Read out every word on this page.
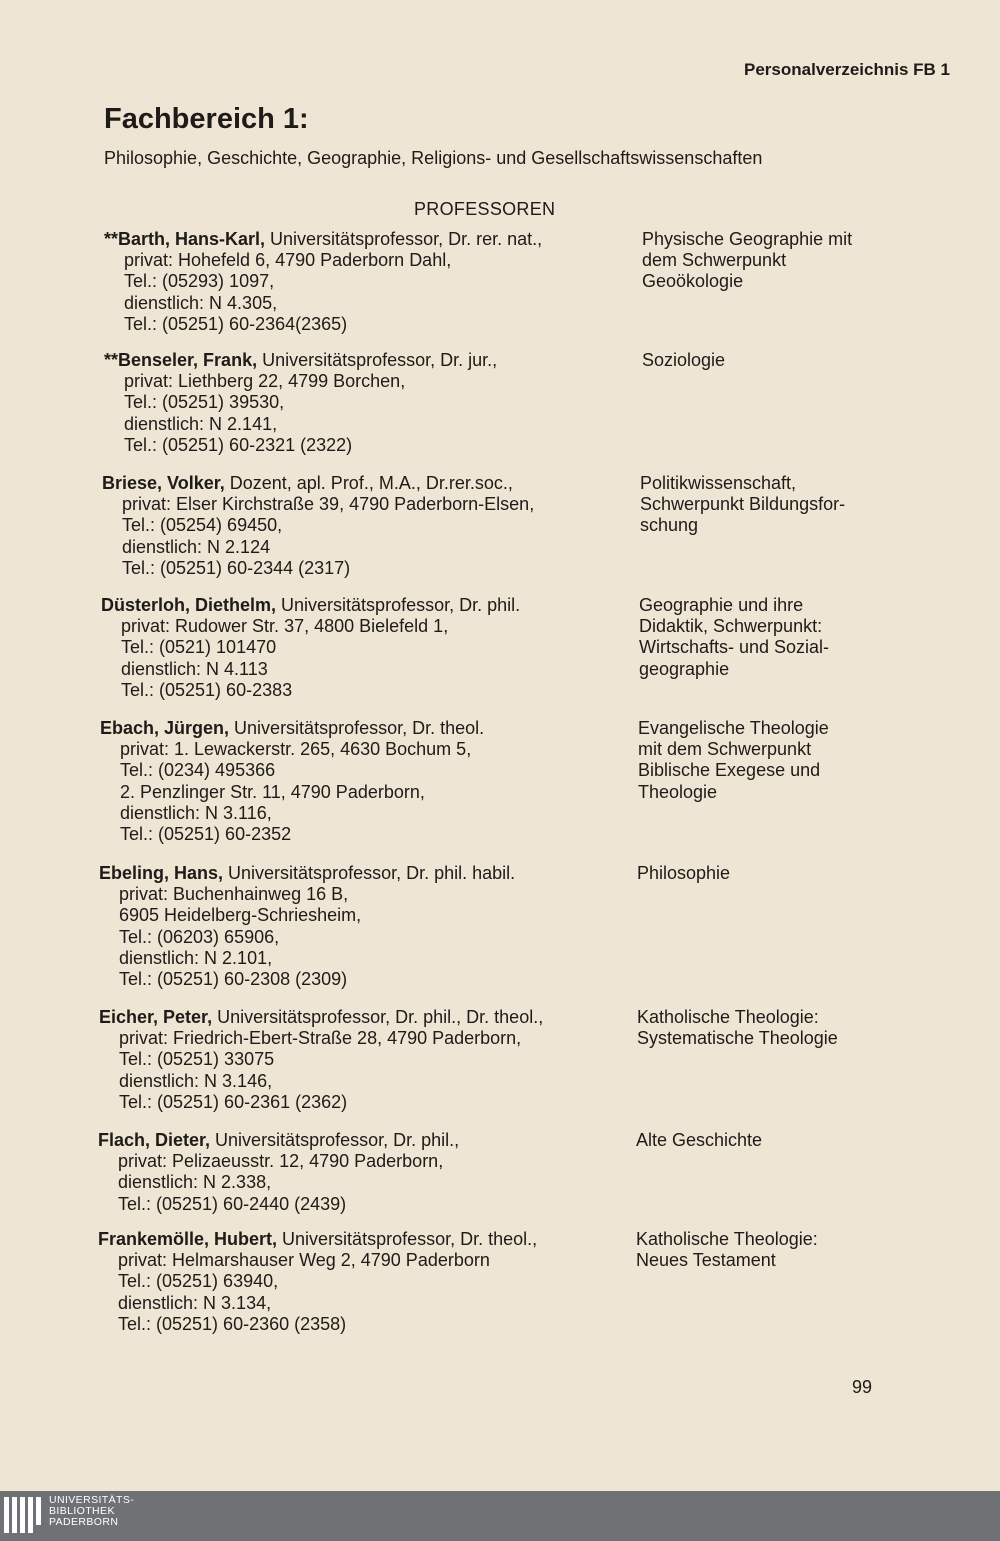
Personalverzeichnis FB 1
Fachbereich 1:
Philosophie, Geschichte, Geographie, Religions- und Gesellschaftswissenschaften
PROFESSOREN
**Barth, Hans-Karl, Universitätsprofessor, Dr. rer. nat.,
privat: Hohefeld 6, 4790 Paderborn Dahl,
Tel.: (05293) 1097,
dienstlich: N 4.305,
Tel.: (05251) 60-2364(2365)
Physische Geographie mit
dem Schwerpunkt
Geoökologie
**Benseler, Frank, Universitätsprofessor, Dr. jur.,
privat: Liethberg 22, 4799 Borchen,
Tel.: (05251) 39530,
dienstlich: N 2.141,
Tel.: (05251) 60-2321 (2322)
Soziologie
Briese, Volker, Dozent, apl. Prof., M.A., Dr.rer.soc.,
privat: Elser Kirchstraße 39, 4790 Paderborn-Elsen,
Tel.: (05254) 69450,
dienstlich: N 2.124
Tel.: (05251) 60-2344 (2317)
Politikwissenschaft,
Schwerpunkt Bildungsfor-
schung
Düsterloh, Diethelm, Universitätsprofessor, Dr. phil.
privat: Rudower Str. 37, 4800 Bielefeld 1,
Tel.: (0521) 101470
dienstlich: N 4.113
Tel.: (05251) 60-2383
Geographie und ihre
Didaktik, Schwerpunkt:
Wirtschafts- und Sozial-
geographie
Ebach, Jürgen, Universitätsprofessor, Dr. theol.
privat: 1. Lewackerstr. 265, 4630 Bochum 5,
Tel.: (0234) 495366
2. Penzlinger Str. 11, 4790 Paderborn,
dienstlich: N 3.116,
Tel.: (05251) 60-2352
Evangelische Theologie
mit dem Schwerpunkt
Biblische Exegese und
Theologie
Ebeling, Hans, Universitätsprofessor, Dr. phil. habil.
privat: Buchenhainweg 16 B,
6905 Heidelberg-Schriesheim,
Tel.: (06203) 65906,
dienstlich: N 2.101,
Tel.: (05251) 60-2308 (2309)
Philosophie
Eicher, Peter, Universitätsprofessor, Dr. phil., Dr. theol.,
privat: Friedrich-Ebert-Straße 28, 4790 Paderborn,
Tel.: (05251) 33075
dienstlich: N 3.146,
Tel.: (05251) 60-2361 (2362)
Katholische Theologie:
Systematische Theologie
Flach, Dieter, Universitätsprofessor, Dr. phil.,
privat: Pelizaeusstr. 12, 4790 Paderborn,
dienstlich: N 2.338,
Tel.: (05251) 60-2440 (2439)
Alte Geschichte
Frankemölle, Hubert, Universitätsprofessor, Dr. theol.,
privat: Helmarshauser Weg 2, 4790 Paderborn
Tel.: (05251) 63940,
dienstlich: N 3.134,
Tel.: (05251) 60-2360 (2358)
Katholische Theologie:
Neues Testament
99
UNIVERSITÄTS-
BIBLIOTHEK
PADERBORN
